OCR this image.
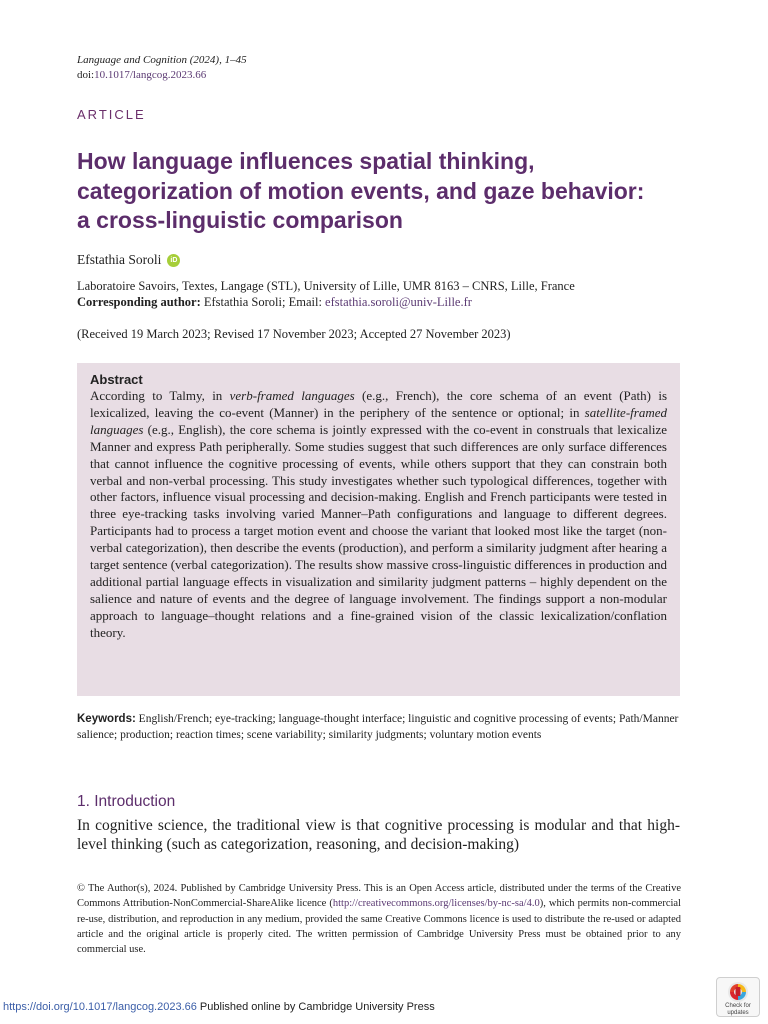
Language and Cognition (2024), 1–45
doi:10.1017/langcog.2023.66
ARTICLE
How language influences spatial thinking, categorization of motion events, and gaze behavior: a cross-linguistic comparison
Efstathia Soroli	iD
Laboratoire Savoirs, Textes, Langage (STL), University of Lille, UMR 8163 – CNRS, Lille, France
Corresponding author: Efstathia Soroli; Email: efstathia.soroli@univ-Lille.fr
(Received 19 March 2023; Revised 17 November 2023; Accepted 27 November 2023)
Abstract
According to Talmy, in verb-framed languages (e.g., French), the core schema of an event (Path) is lexicalized, leaving the co-event (Manner) in the periphery of the sentence or optional; in satellite-framed languages (e.g., English), the core schema is jointly expressed with the co-event in construals that lexicalize Manner and express Path peripherally. Some studies suggest that such differences are only surface differences that cannot influence the cognitive processing of events, while others support that they can constrain both verbal and non-verbal processing. This study investigates whether such typological differences, together with other factors, influence visual processing and decision-making. English and French participants were tested in three eye-tracking tasks involving varied Manner–Path configurations and language to different degrees. Participants had to process a target motion event and choose the variant that looked most like the target (non-verbal categorization), then describe the events (production), and perform a similarity judgment after hearing a target sentence (verbal categorization). The results show massive cross-linguistic differences in production and additional partial language effects in visualization and similarity judgment patterns – highly dependent on the salience and nature of events and the degree of language involvement. The findings support a non-modular approach to language–thought relations and a fine-grained vision of the classic lexicalization/conflation theory.
Keywords: English/French; eye-tracking; language-thought interface; linguistic and cognitive processing of events; Path/Manner salience; production; reaction times; scene variability; similarity judgments; voluntary motion events
1. Introduction
In cognitive science, the traditional view is that cognitive processing is modular and that high-level thinking (such as categorization, reasoning, and decision-making)
© The Author(s), 2024. Published by Cambridge University Press. This is an Open Access article, distributed under the terms of the Creative Commons Attribution-NonCommercial-ShareAlike licence (http://creativecommons.org/licenses/by-nc-sa/4.0), which permits non-commercial re-use, distribution, and reproduction in any medium, provided the same Creative Commons licence is used to distribute the re-used or adapted article and the original article is properly cited. The written permission of Cambridge University Press must be obtained prior to any commercial use.
https://doi.org/10.1017/langcog.2023.66 Published online by Cambridge University Press	Check for
updates
